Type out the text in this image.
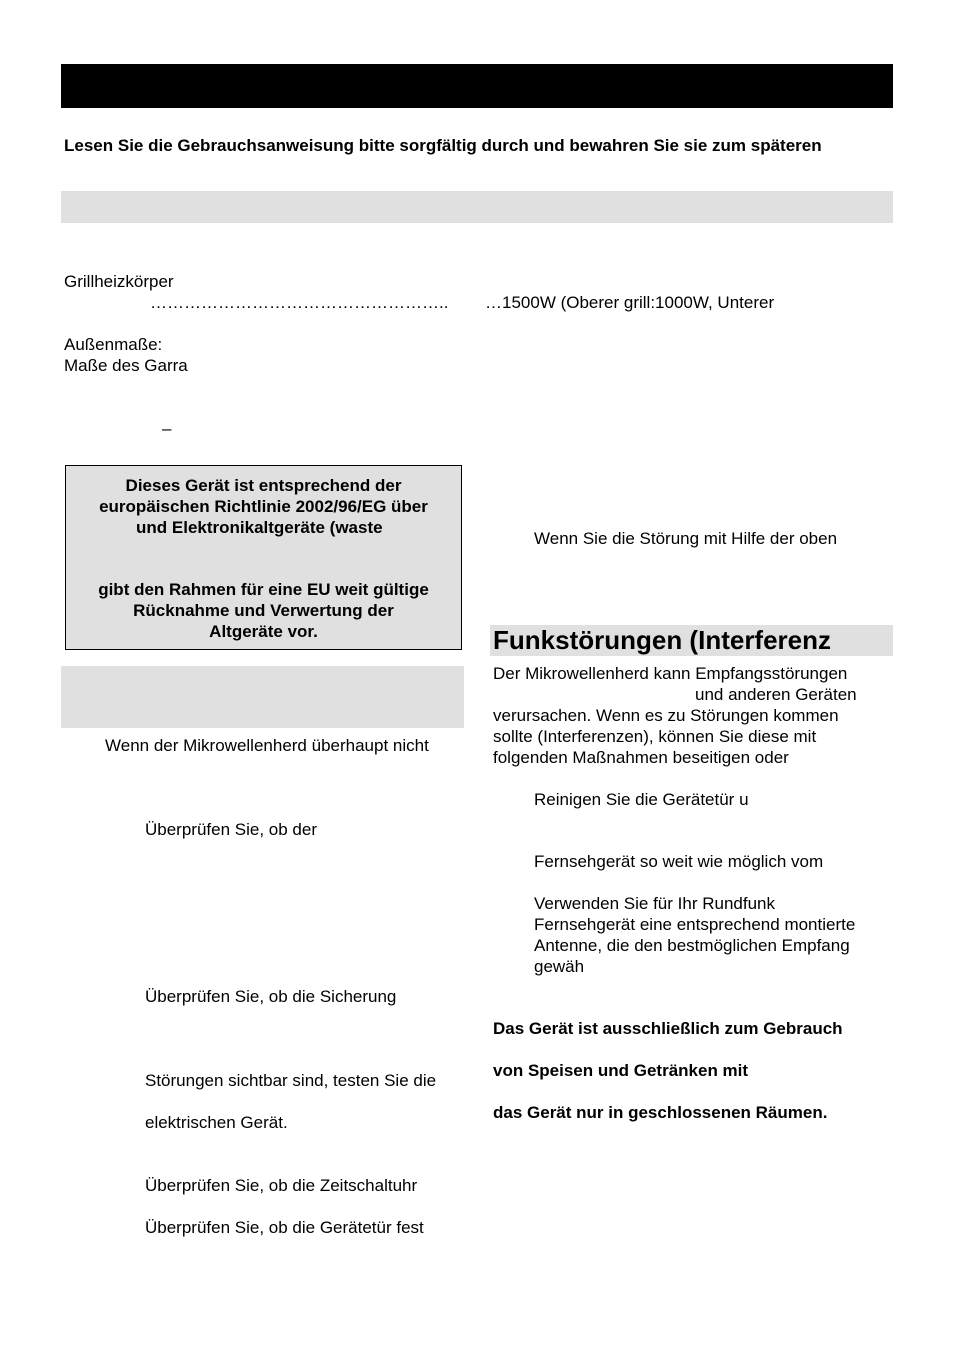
Lesen Sie die Gebrauchsanweisung bitte sorgfältig durch und bewahren Sie sie zum späteren
Grillheizkörper
…………………………………………….. …1500W (Oberer grill:1000W, Unterer
Außenmaße:
Maße des Garra
–
Dieses Gerät ist entsprechend der
europäischen Richtlinie 2002/96/EG über
und Elektronikaltgeräte (waste
gibt den Rahmen für eine EU weit gültige
Rücknahme und Verwertung der
Altgeräte vor.
Wenn der Mikrowellenherd überhaupt nicht
Überprüfen Sie, ob der
Überprüfen Sie, ob die Sicherung
Störungen sichtbar sind, testen Sie die
elektrischen Gerät.
Überprüfen Sie, ob die Zeitschaltuhr
Überprüfen Sie, ob die Gerätetür fest
Wenn Sie die Störung mit Hilfe der oben
Funkstörungen (Interferenz
Der Mikrowellenherd kann Empfangsstörungen
und anderen Geräten
verursachen. Wenn es zu Störungen kommen
sollte (Interferenzen), können Sie diese mit
folgenden Maßnahmen beseitigen oder
Reinigen Sie die Gerätetür u
Fernsehgerät so weit wie möglich vom
Verwenden Sie für Ihr Rundfunk
Fernsehgerät eine entsprechend montierte
Antenne, die den bestmöglichen Empfang
gewäh
Das Gerät ist ausschließlich zum Gebrauch
von Speisen und Getränken mit
das Gerät nur in geschlossenen Räumen.
